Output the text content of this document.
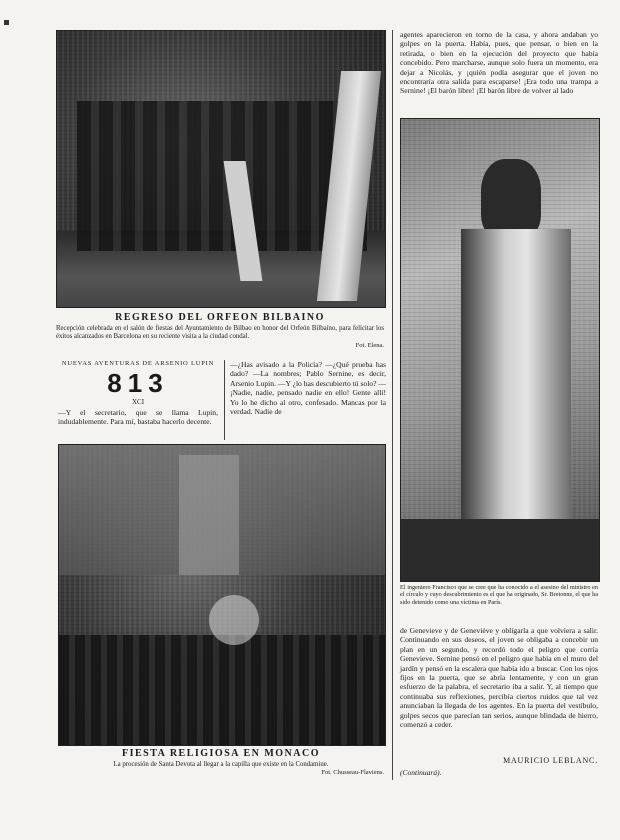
REGRESO DEL ORFEON BILBAINO
Recepción celebrada en el salón de fiestas del Ayuntamiento de Bilbao en honor del Orfeón Bilbaíno, para felicitar los éxitos alcanzados en Barcelona en su reciente visita a la ciudad condal.
Fot. Elena.
NUEVAS AVENTURAS DE ARSENIO LUPIN
813
XCI
—Y el secretario, que se llama Lupin, indudablemente. Para mí, bastaba hacerlo decente.
—¿Has avisado a la Policía? —¿Qué prueba has dado? —La nombres; Pablo Sernine, es decir, Arsenio Lupin. —Y ¿lo has descubierto tú solo? —¡Nadie, nadie, pensado nadie en ello! Gente allí! Yo lo he dicho al otro, confesado. Mancas por la verdad. Nadie de
FIESTA RELIGIOSA EN MONACO
La procesión de Santa Devota al llegar a la capilla que existe en la Condamine.
Fot. Chusseau-Flaviens.
agentes aparecieron en torno de la casa, y ahora andaban yo golpes en la puerta. Había, pues, que pensar, o bien en la retirada, o bien en la ejecución del proyecto que había concebido. Pero marcharse, aunque solo fuera un momento, era dejar a Nicolás, y ¡quién podía asegurar que el joven no encontraría otra salida para escaparse! ¡Era todo una trampa a Sernine! ¡El barón libre! ¡El barón libre de volver al lado
El ingeniero Francisco que se cree que ha conocido a el asesino del ministro en el círculo y cuyo descubrimiento es el que ha originado, Sr. Bretonne, el que ha sido detenido como una víctima en París.
de Genevieve y de Geneviève y obligarla a que volviera a salir. Continuando en sus deseos, el joven se obligaba a concebir un plan en un segundo, y recordó todo el peligro que corría Genevieve. Sernine pensó en el peligro que había en el muro del jardín y pensó en la escalera que había ido a buscar. Con los ojos fijos en la puerta, que se abría lentamente, y con un gran esfuerzo de la palabra, el secretario iba a salir. Y, al tiempo que continuaba sus reflexiones, percibía ciertos ruidos que tal vez anunciaban la llegada de los agentes. En la puerta del vestíbulo, golpes secos que parecían tan serios, aunque blindada de hierro, comenzó a ceder.
MAURICIO LEBLANC.
(Continuará).
